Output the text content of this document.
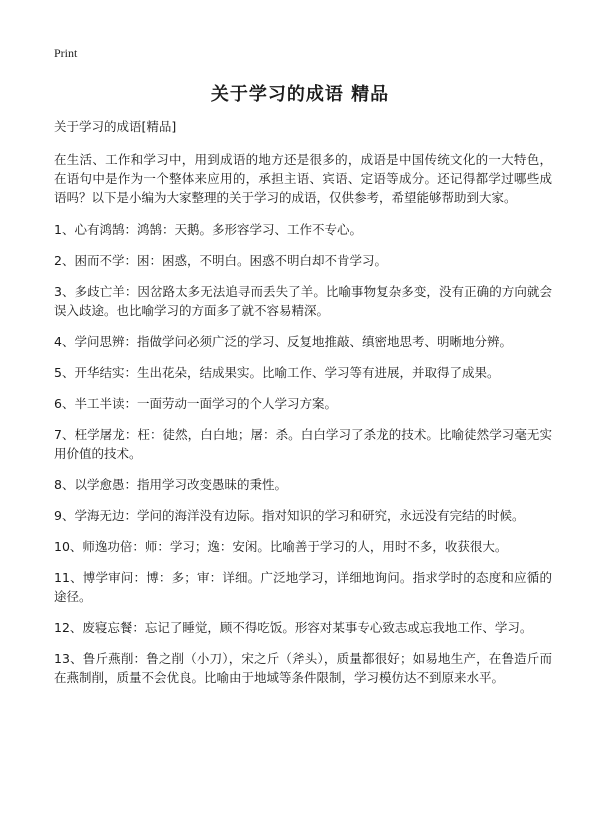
Print
关于学习的成语 精品

关于学习的成语[精品]

在生活、工作和学习中，用到成语的地方还是很多的，成语是中国传统文化的一大特色，在语句中是作为一个整体来应用的，承担主语、宾语、定语等成分。还记得都学过哪些成语吗？以下是小编为大家整理的关于学习的成语，仅供参考，希望能够帮助到大家。

1、心有鸿鹄：鸿鹄：天鹅。多形容学习、工作不专心。

2、困而不学：困：困惑，不明白。困惑不明白却不肯学习。

3、多歧亡羊：因岔路太多无法追寻而丢失了羊。比喻事物复杂多变，没有正确的方向就会误入歧途。也比喻学习的方面多了就不容易精深。

4、学问思辨：指做学问必须广泛的学习、反复地推敲、缜密地思考、明晰地分辨。

5、开华结实：生出花朵，结成果实。比喻工作、学习等有进展，并取得了成果。

6、半工半读：一面劳动一面学习的个人学习方案。

7、枉学屠龙：枉：徒然，白白地；屠：杀。白白学习了杀龙的技术。比喻徒然学习毫无实用价值的技术。

8、以学愈愚：指用学习改变愚昧的秉性。

9、学海无边：学问的海洋没有边际。指对知识的学习和研究，永远没有完结的时候。

10、师逸功倍：师：学习；逸：安闲。比喻善于学习的人，用时不多，收获很大。

11、博学审问：博：多；审：详细。广泛地学习，详细地询问。指求学时的态度和应循的途径。

12、废寝忘餐：忘记了睡觉，顾不得吃饭。形容对某事专心致志或忘我地工作、学习。

13、鲁斤燕削：鲁之削（小刀），宋之斤（斧头），质量都很好；如易地生产，在鲁造斤而在燕制削，质量不会优良。比喻由于地域等条件限制，学习模仿达不到原来水平。
